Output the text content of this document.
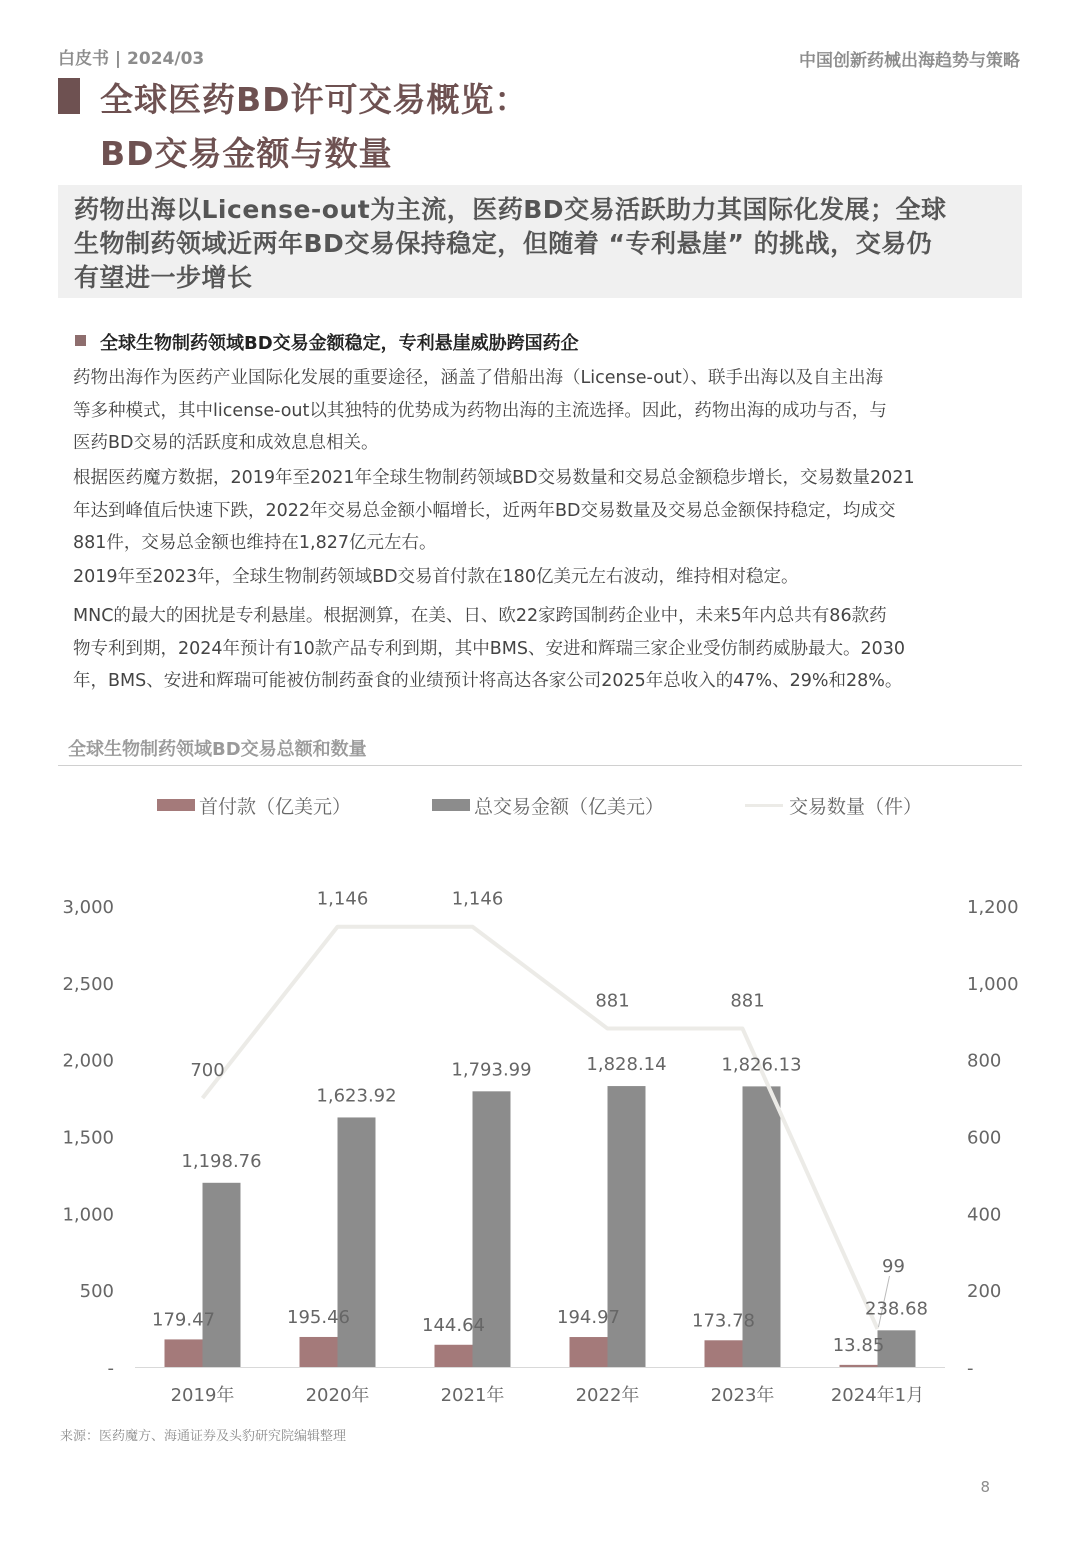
白皮书 | 2024/03	中国创新药械出海趋势与策略
全球医药BD许可交易概览：
BD交易金额与数量
药物出海以License-out为主流，医药BD交易活跃助力其国际化发展；全球
生物制药领域近两年BD交易保持稳定，但随着 “专利悬崖” 的挑战，交易仍
有望进一步增长
全球生物制药领域BD交易金额稳定，专利悬崖威胁跨国药企
药物出海作为医药产业国际化发展的重要途径，涵盖了借船出海（License-out）、联手出海以及自主出海
等多种模式，其中license-out以其独特的优势成为药物出海的主流选择。因此，药物出海的成功与否，与
医药BD交易的活跃度和成效息息相关。
根据医药魔方数据，2019年至2021年全球生物制药领域BD交易数量和交易总金额稳步增长，交易数量2021
年达到峰值后快速下跌，2022年交易总金额小幅增长，近两年BD交易数量及交易总金额保持稳定，均成交
881件，交易总金额也维持在1,827亿元左右。
2019年至2023年，全球生物制药领域BD交易首付款在180亿美元左右波动，维持相对稳定。
MNC的最大的困扰是专利悬崖。根据测算，在美、日、欧22家跨国制药企业中，未来5年内总共有86款药
物专利到期，2024年预计有10款产品专利到期，其中BMS、安进和辉瑞三家企业受仿制药威胁最大。2030
年，BMS、安进和辉瑞可能被仿制药蚕食的业绩预计将高达各家公司2025年总收入的47%、29%和28%。
全球生物制药领域BD交易总额和数量
首付款（亿美元）	总交易金额（亿美元）	交易数量（件）
-
500
1,000
1,500
2,000
2,500
3,000
-
200
400
600
800
1,000
1,200
2019年	2020年	2021年	2022年	2023年	2024年1月
179.47	195.46	144.64	194.97	173.78
13.85
1,198.76
1,623.92
1,793.99	1,828.14	1,826.13
238.68
700
1,146	1,146
881	881
99
来源：医药魔方、海通证券及头豹研究院编辑整理
8
